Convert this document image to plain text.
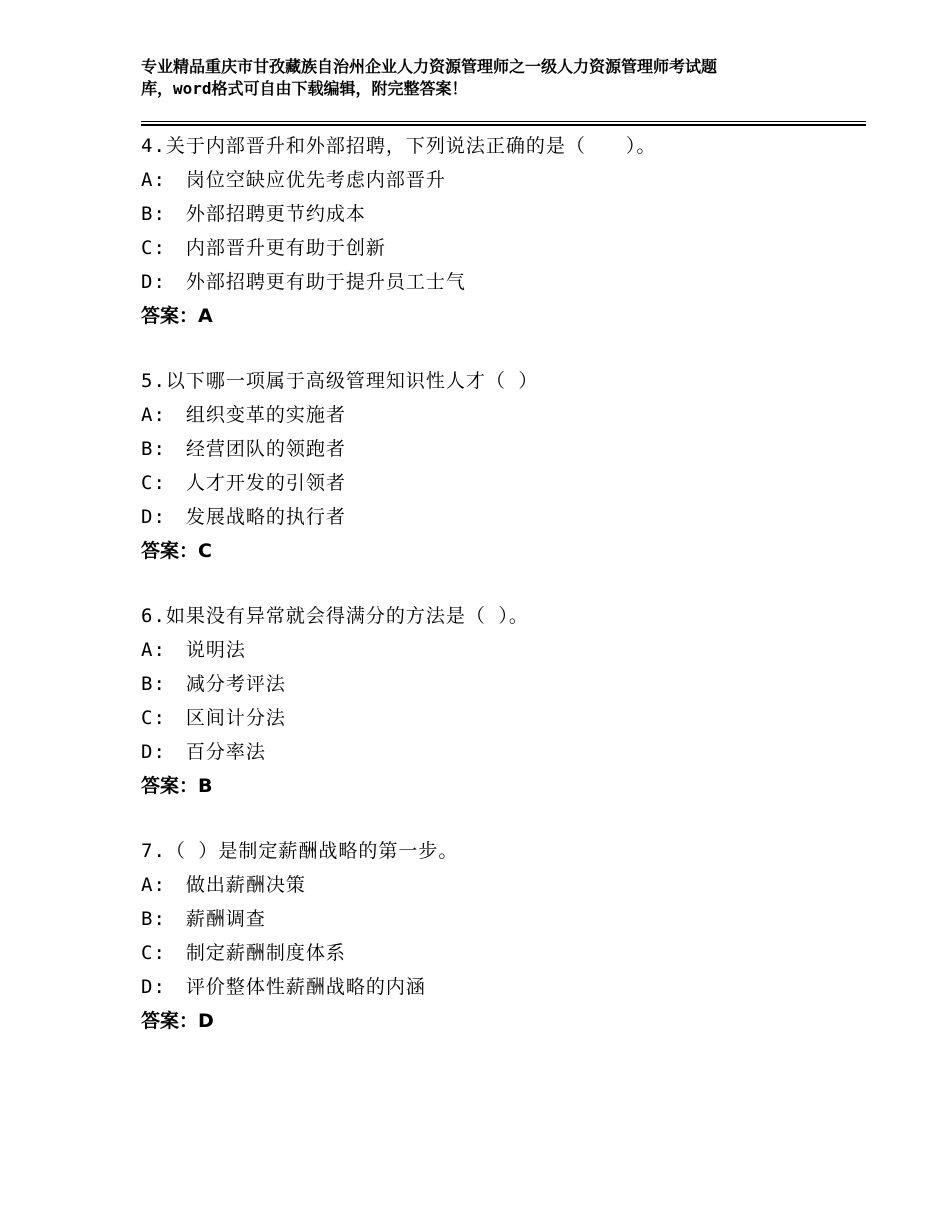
专业精品重庆市甘孜藏族自治州企业人力资源管理师之一级人力资源管理师考试题
库，word格式可自由下载编辑，附完整答案！
4.关于内部晋升和外部招聘，下列说法正确的是（　　）。
A:　岗位空缺应优先考虑内部晋升
B:　外部招聘更节约成本
C:　内部晋升更有助于创新
D:　外部招聘更有助于提升员工士气
答案：A
5.以下哪一项属于高级管理知识性人才（ ）
A:　组织变革的实施者
B:　经营团队的领跑者
C:　人才开发的引领者
D:　发展战略的执行者
答案：C
6.如果没有异常就会得满分的方法是（ ）。
A:　说明法
B:　减分考评法
C:　区间计分法
D:　百分率法
答案：B
7.（ ）是制定薪酬战略的第一步。
A:　做出薪酬决策
B:　薪酬调查
C:　制定薪酬制度体系
D:　评价整体性薪酬战略的内涵
答案：D
